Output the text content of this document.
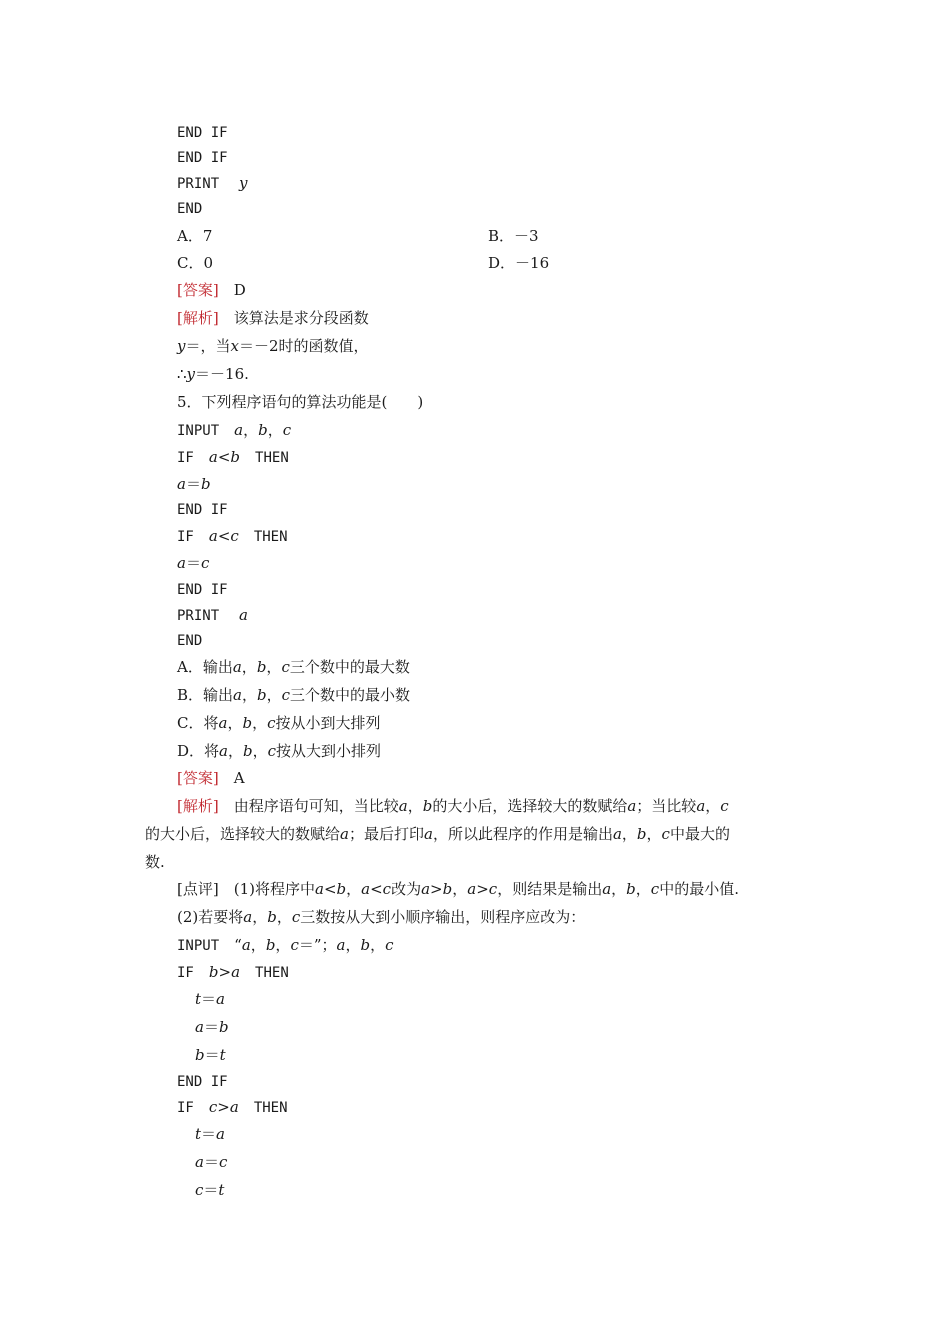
END IF
END IF
PRINT　 y
END
A．7	B．－3
C．0	D．－16
[答案]　 D
[解析]　 该算法是求分段函数
y＝，当x＝－2时的函数值，
∴y＝－16.
5．下列程序语句的算法功能是(　　)
INPUT　 a，b，c
IF　 a<b　 THEN
a＝b
END IF
IF　 a<c　 THEN
a＝c
END IF
PRINT　 a
END
A．输出a，b，c三个数中的最大数
B．输出a，b，c三个数中的最小数
C．将a，b，c按从小到大排列
D．将a，b，c按从大到小排列
[答案]　 A
[解析]　 由程序语句可知，当比较a，b的大小后，选择较大的数赋给a；当比较a，c
的大小后，选择较大的数赋给a；最后打印a，所以此程序的作用是输出a，b，c中最大的
数.
[点评]　 (1)将程序中a<b，a<c改为a>b，a>c，则结果是输出a，b，c中的最小值.
(2)若要将a，b，c三数按从大到小顺序输出，则程序应改为：
INPUT　 “a，b，c＝”；a，b，c
IF　 b>a　 THEN
t＝a
a＝b
b＝t
END IF
IF　 c>a　 THEN
t＝a
a＝c
c＝t
